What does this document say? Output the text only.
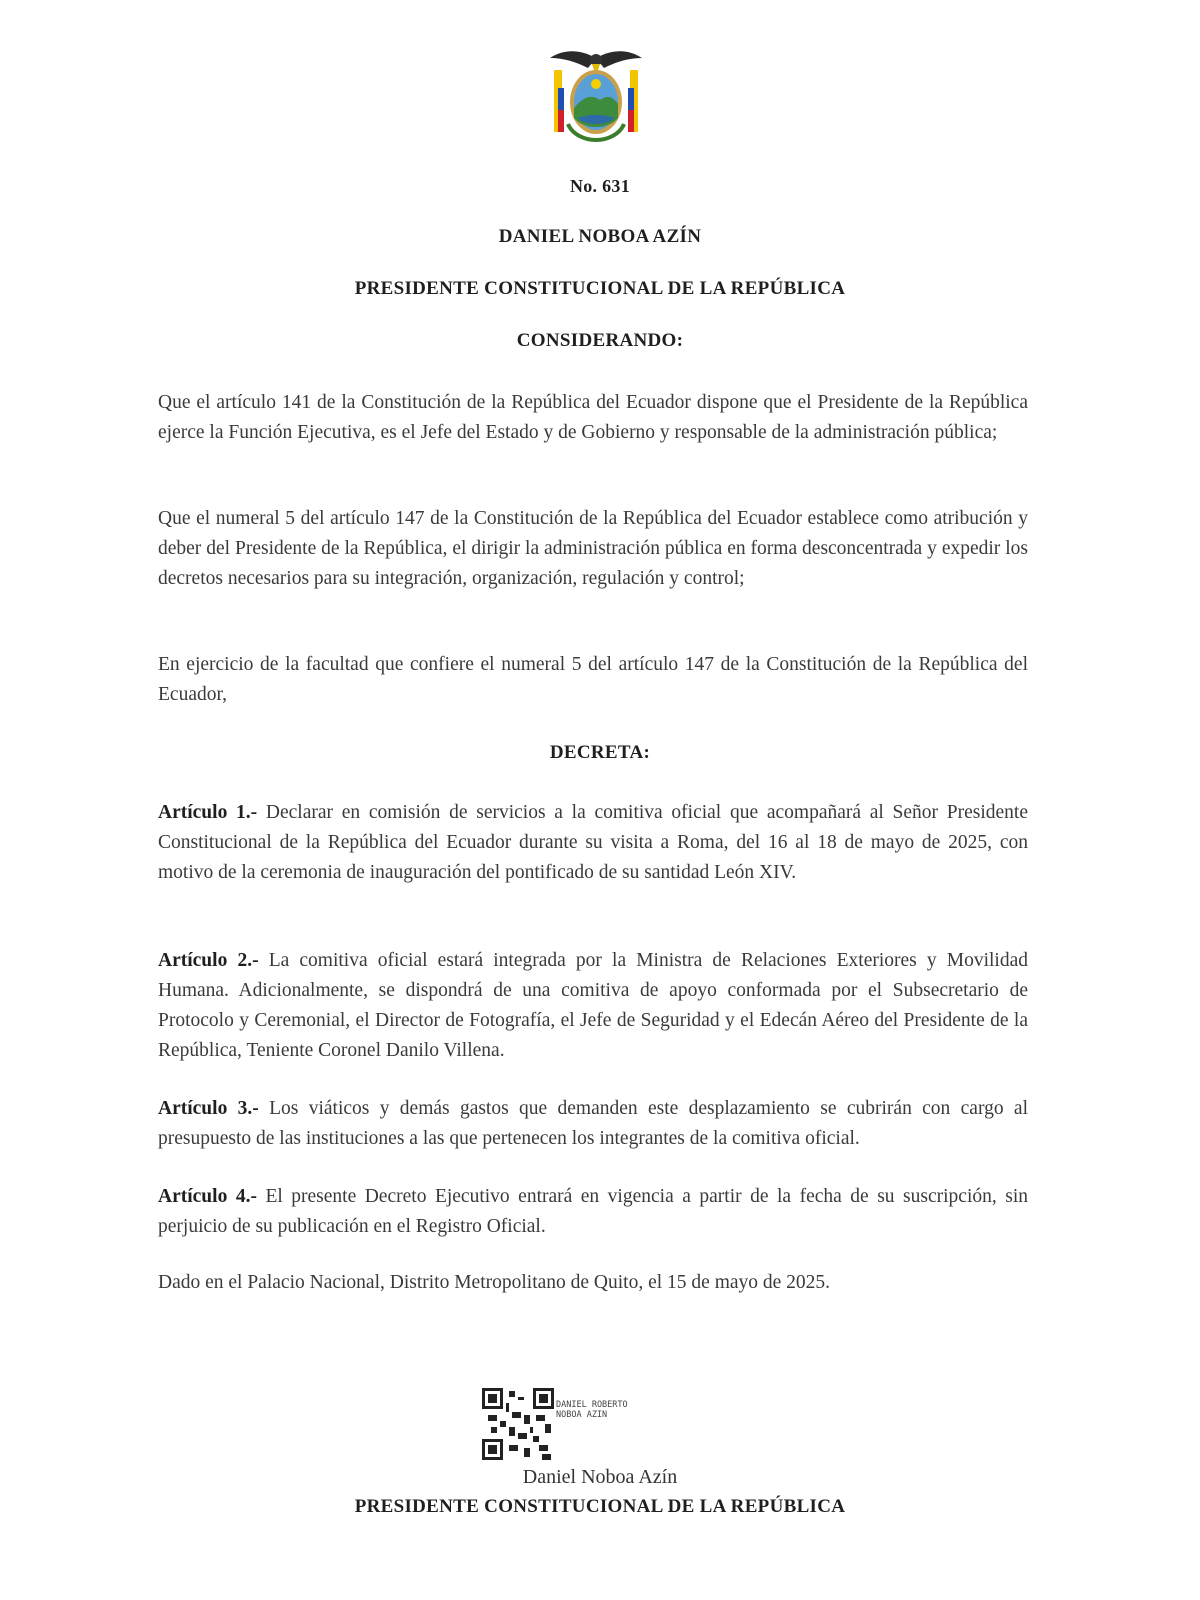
No. 631
DANIEL NOBOA AZÍN
PRESIDENTE CONSTITUCIONAL DE LA REPÚBLICA
CONSIDERANDO:

Que el artículo 141 de la Constitución de la República del Ecuador dispone que el Presidente de la República ejerce la Función Ejecutiva, es el Jefe del Estado y de Gobierno y responsable de la administración pública;

Que el numeral 5 del artículo 147 de la Constitución de la República del Ecuador establece como atribución y deber del Presidente de la República, el dirigir la administración pública en forma desconcentrada y expedir los decretos necesarios para su integración, organización, regulación y control;

En ejercicio de la facultad que confiere el numeral 5 del artículo 147 de la Constitución de la República del Ecuador,

DECRETA:

Artículo 1.- Declarar en comisión de servicios a la comitiva oficial que acompañará al Señor Presidente Constitucional de la República del Ecuador durante su visita a Roma, del 16 al 18 de mayo de 2025, con motivo de la ceremonia de inauguración del pontificado de su santidad León XIV.

Artículo 2.- La comitiva oficial estará integrada por la Ministra de Relaciones Exteriores y Movilidad Humana. Adicionalmente, se dispondrá de una comitiva de apoyo conformada por el Subsecretario de Protocolo y Ceremonial, el Director de Fotografía, el Jefe de Seguridad y el Edecán Aéreo del Presidente de la República, Teniente Coronel Danilo Villena.

Artículo 3.- Los viáticos y demás gastos que demanden este desplazamiento se cubrirán con cargo al presupuesto de las instituciones a las que pertenecen los integrantes de la comitiva oficial.

Artículo 4.- El presente Decreto Ejecutivo entrará en vigencia a partir de la fecha de su suscripción, sin perjuicio de su publicación en el Registro Oficial.

Dado en el Palacio Nacional, Distrito Metropolitano de Quito, el 15 de mayo de 2025.

DANIEL ROBERTO
NOBOA AZIN
Daniel Noboa Azín
PRESIDENTE CONSTITUCIONAL DE LA REPÚBLICA
